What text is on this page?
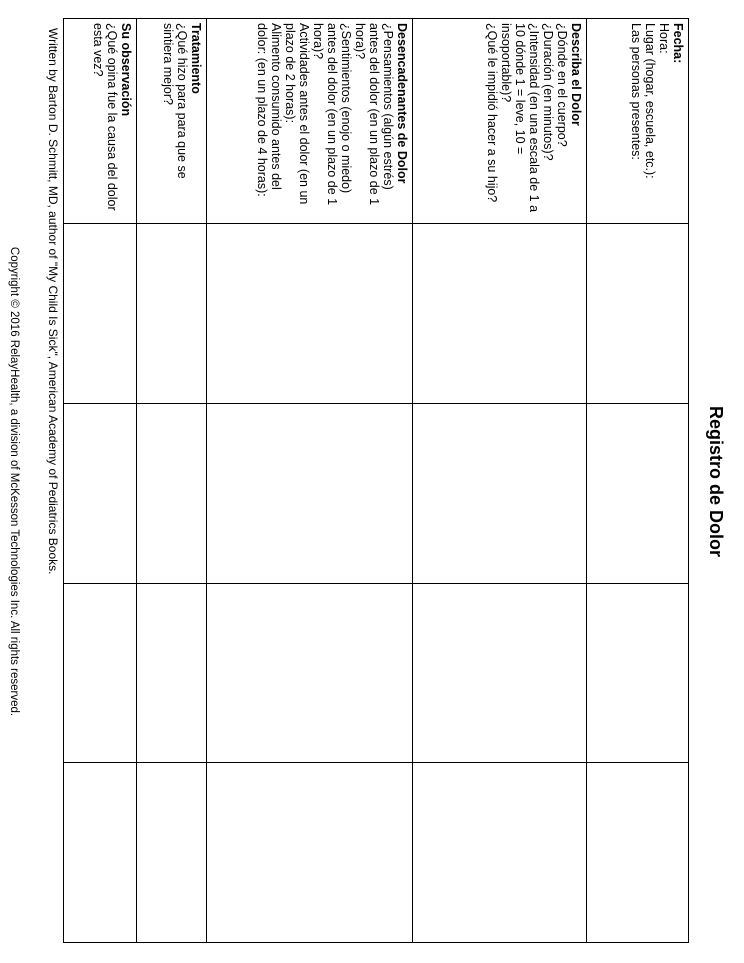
Registro de Dolor
Fecha:
Hora:
Lugar (hogar, escuela, etc.):
Las personas presentes:				

Describa el Dolor
¿Dónde en el cuerpo?
¿Duración (en minutos)?
¿Intensidad (en una escala de 1 a 10 dónde 1 = leve, 10 = insoportable)?
¿Qué le impidió hacer a su hijo?				

Desencadenantes de Dolor
¿Pensamientos (algún estrés) antes del dolor (en un plazo de 1 hora)?
¿Sentimientos (enojo o miedo) antes del dolor (en un plazo de 1 hora)?
Actividades antes el dolor (en un plazo de 2 horas):
Alimento consumido antes del dolor: (en un plazo de 4 horas):				

Tratamiento
¿Qué hizo para para que se sintiera mejor?				

Su observación
¿Qué opina fue la causa del dolor esta vez?				

Written by Barton D. Schmitt, MD, author of "My Child Is Sick", American Academy of Pediatrics Books.
Copyright © 2016 RelayHealth, a division of McKesson Technologies Inc. All rights reserved.
